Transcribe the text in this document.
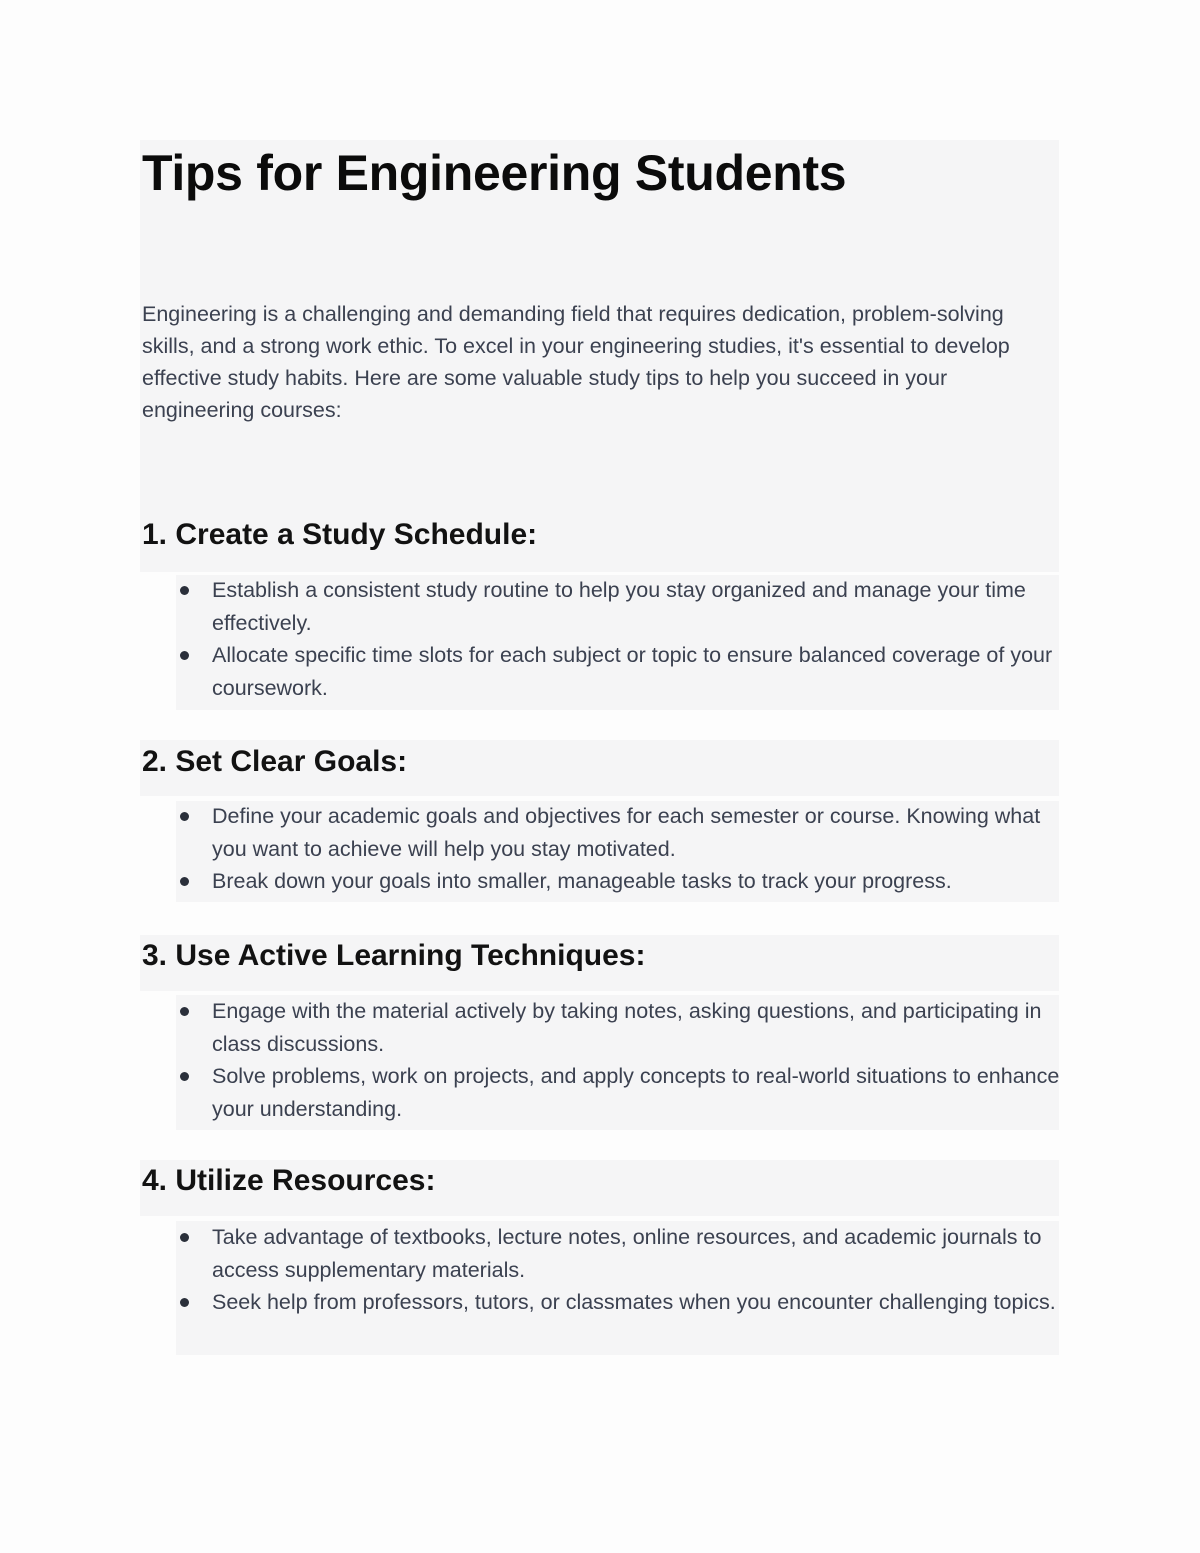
Tips for Engineering Students

Engineering is a challenging and demanding field that requires dedication, problem-solving skills, and a strong work ethic. To excel in your engineering studies, it's essential to develop effective study habits. Here are some valuable study tips to help you succeed in your engineering courses:

1. Create a Study Schedule:
Establish a consistent study routine to help you stay organized and manage your time effectively.
Allocate specific time slots for each subject or topic to ensure balanced coverage of your coursework.
2. Set Clear Goals:
Define your academic goals and objectives for each semester or course. Knowing what you want to achieve will help you stay motivated.
Break down your goals into smaller, manageable tasks to track your progress.
3. Use Active Learning Techniques:
Engage with the material actively by taking notes, asking questions, and participating in class discussions.
Solve problems, work on projects, and apply concepts to real-world situations to enhance your understanding.
4. Utilize Resources:
Take advantage of textbooks, lecture notes, online resources, and academic journals to access supplementary materials.
Seek help from professors, tutors, or classmates when you encounter challenging topics.
